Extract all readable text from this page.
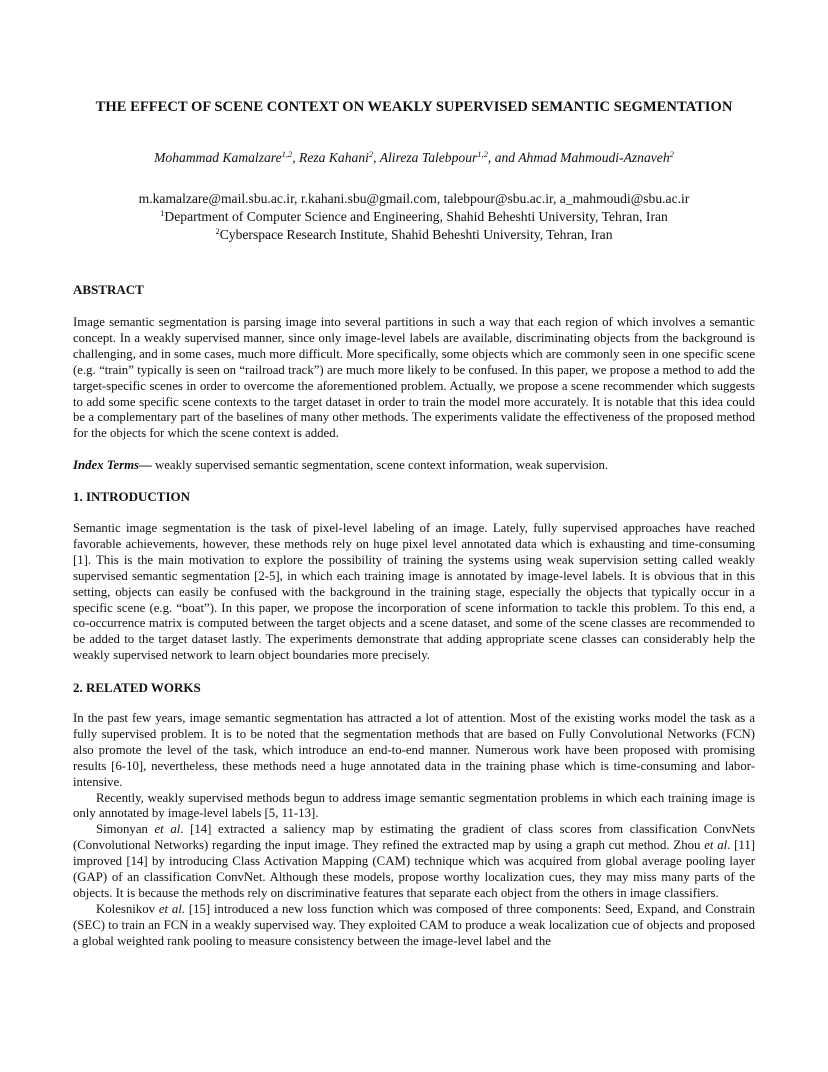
THE EFFECT OF SCENE CONTEXT ON WEAKLY SUPERVISED SEMANTIC SEGMENTATION
Mohammad Kamalzare$^{1,2}$, Reza Kahani$^2$, Alireza Talebpour$^{1,2}$, and Ahmad Mahmoudi-Aznaveh$^2$
m.kamalzare@mail.sbu.ac.ir, r.kahani.sbu@gmail.com, talebpour@sbu.ac.ir, a_mahmoudi@sbu.ac.ir
$^1$Department of Computer Science and Engineering, Shahid Beheshti University, Tehran, Iran
$^2$Cyberspace Research Institute, Shahid Beheshti University, Tehran, Iran
ABSTRACT

Image semantic segmentation is parsing image into several partitions in such a way that each region of which involves a semantic concept. In a weakly supervised manner, since only image-level labels are available, discriminating objects from the background is challenging, and in some cases, much more difficult. More specifically, some objects which are commonly seen in one specific scene (e.g. “train” typically is seen on “railroad track”) are much more likely to be confused. In this paper, we propose a method to add the target-specific scenes in order to overcome the aforementioned problem. Actually, we propose a scene recommender which suggests to add some specific scene contexts to the target dataset in order to train the model more accurately. It is notable that this idea could be a complementary part of the baselines of many other methods. The experiments validate the effectiveness of the proposed method for the objects for which the scene context is added.

Index Terms— weakly supervised semantic segmentation, scene context information, weak supervision.
1. INTRODUCTION

Semantic image segmentation is the task of pixel-level labeling of an image. Lately, fully supervised approaches have reached favorable achievements, however, these methods rely on huge pixel level annotated data which is exhausting and time-consuming [1]. This is the main motivation to explore the possibility of training the systems using weak supervision setting called weakly supervised semantic segmentation [2-5], in which each training image is annotated by image-level labels. It is obvious that in this setting, objects can easily be confused with the background in the training stage, especially the objects that typically occur in a specific scene (e.g. “boat”). In this paper, we propose the incorporation of scene information to tackle this problem. To this end, a co-occurrence matrix is computed between the target objects and a scene dataset, and some of the scene classes are recommended to be added to the target dataset lastly. The experiments demonstrate that adding appropriate scene classes can considerably help the weakly supervised network to learn object boundaries more precisely.

2. RELATED WORKS

In the past few years, image semantic segmentation has attracted a lot of attention. Most of the existing works model the task as a fully supervised problem. It is to be noted that the segmentation methods that are based on Fully Convolutional Networks (FCN) also promote the level of the task, which introduce an end-to-end manner. Numerous work have been proposed with promising results [6-10], nevertheless, these methods need a huge annotated data in the training phase which is time-consuming and labor-intensive.

Recently, weakly supervised methods begun to address image semantic segmentation problems in which each training image is only annotated by image-level labels [5, 11-13].

Simonyan et al. [14] extracted a saliency map by estimating the gradient of class scores from classification ConvNets (Convolutional Networks) regarding the input image. They refined the extracted map by using a graph cut method. Zhou et al. [11] improved [14] by introducing Class Activation Mapping (CAM) technique which was acquired from global average pooling layer (GAP) of an classification ConvNet. Although these models, propose worthy localization cues, they may miss many parts of the objects. It is because the methods rely on discriminative features that separate each object from the others in image classifiers.

Kolesnikov et al. [15] introduced a new loss function which was composed of three components: Seed, Expand, and Constrain (SEC) to train an FCN in a weakly supervised way. They exploited CAM to produce a weak localization cue of objects and proposed a global weighted rank pooling to measure consistency between the image-level label and the
